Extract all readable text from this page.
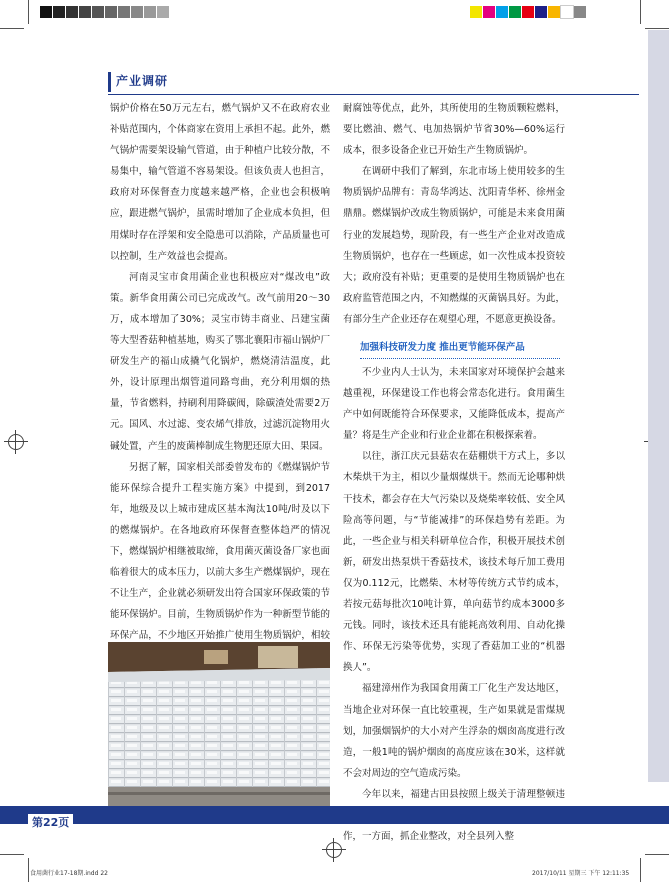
产业调研

锅炉价格在50万元左右，燃气锅炉又不在政府农业补贴范围内，个体商家在资用上承担不起。此外，燃气锅炉需要架设输气管道，由于种植户比较分散，不易集中，输气管道不容易架设。但该负责人也担言，政府对环保督查力度越来越严格，企业也会积极响应，跟进燃气锅炉，虽需时增加了企业成本负担，但用煤时存在浮架和安全隐患可以消除，产品质量也可以控制，生产效益也会提高。

河南灵宝市食用菌企业也积极应对“煤改电”政策。新华食用菌公司已完成改气。改气前用20～30万，成本增加了30%；灵宝市铸丰商业、吕建宝菌等大型香菇种植基地，购买了鄂北襄阳市福山锅炉厂研发生产的福山成撬气化锅炉，燃烧清洁温度，此外，设计原理出烟管道同路弯曲，充分利用烟的热量，节省燃料，持刷利用降碳阀，除碳渣处需要2万元。国风、水过滤、变农烯气排放，过滤沉淀物用火碱处置，产生的废菌棒制成生物肥还原大田、果园。

另据了解，国家相关部委曾发布的《燃煤锅炉节能环保综合提升工程实施方案》中提到，到2017年，地级及以上城市建成区基本淘汰10吨/时及以下的燃煤锅炉。在各地政府环保督查整体趋严的情况下，燃煤锅炉相继被取缔，食用菌灭菌设备厂家也面临着很大的成本压力，以前大多生产燃煤锅炉，现在不让生产，企业就必须研发出符合国家环保政策的节能环保锅炉。目前，生物质锅炉作为一种新型节能的环保产品，不少地区开始推广使用生物质锅炉，相较

耐腐蚀等优点，此外，其所使用的生物质颗粒燃料，要比燃油、燃气、电加热锅炉节省30%—60%运行成本，很多设备企业已开始生产生物质锅炉。

在调研中我们了解到，东北市场上使用较多的生物质锅炉品牌有：青岛华鸿达、沈阳青华杯、徐州金鼎鼎。燃煤锅炉改成生物质锅炉，可能是未来食用菌行业的发展趋势，现阶段，有一些生产企业对改造成生物质锅炉，也存在一些顾虑，如一次性成本投资较大；政府没有补贴；更重要的是使用生物质锅炉也在政府监管范围之内，不知燃煤的灭菌锅具好。为此，有部分生产企业还存在观望心理，不愿意更换设备。

加强科技研发力度 推出更节能环保产品

不少业内人士认为，未来国家对环境保护会越来越重视，环保建设工作也将会常态化进行。食用菌生产中如何既能符合环保要求，又能降低成本，提高产量？将是生产企业和行业企业都在积极探索着。

以往，浙江庆元县菇农在菇棚烘干方式上，多以木柴烘干为主，相以少量烟煤烘干。然而无论哪种烘干技术，都会存在大气污染以及烧柴率较低、安全风险高等问题，与“节能减排”的环保趋势有差距。为此，一些企业与相关科研单位合作，积极开展技术创新，研发出热泵烘干香菇技术，该技术每斤加工费用仅为0.112元，比燃柴、木材等传统方式节约成本，若按元菇每批次10吨计算，单向菇节约成本3000多元钱。同时，该技术还具有能耗高效利用、自动化操作、环保无污染等优势，实现了香菇加工业的“机器换人”。

福建漳州作为我国食用菌工厂化生产发达地区，当地企业对环保一直比较重视，生产如果就是雷煤规划，加强烟锅炉的大小对产生浮杂的烟囱高度进行改造，一般1吨的锅炉烟囱的高度应该在30米，这样就不会对周边的空气造成污染。

今年以来，福建古田县按照上级关于清理整顿违 作，一方面，抓企业整改，对全县列入整

第22页
食用菌行业17-18期.indd 22	2017/10/11 星期三 下午 12:11:35
